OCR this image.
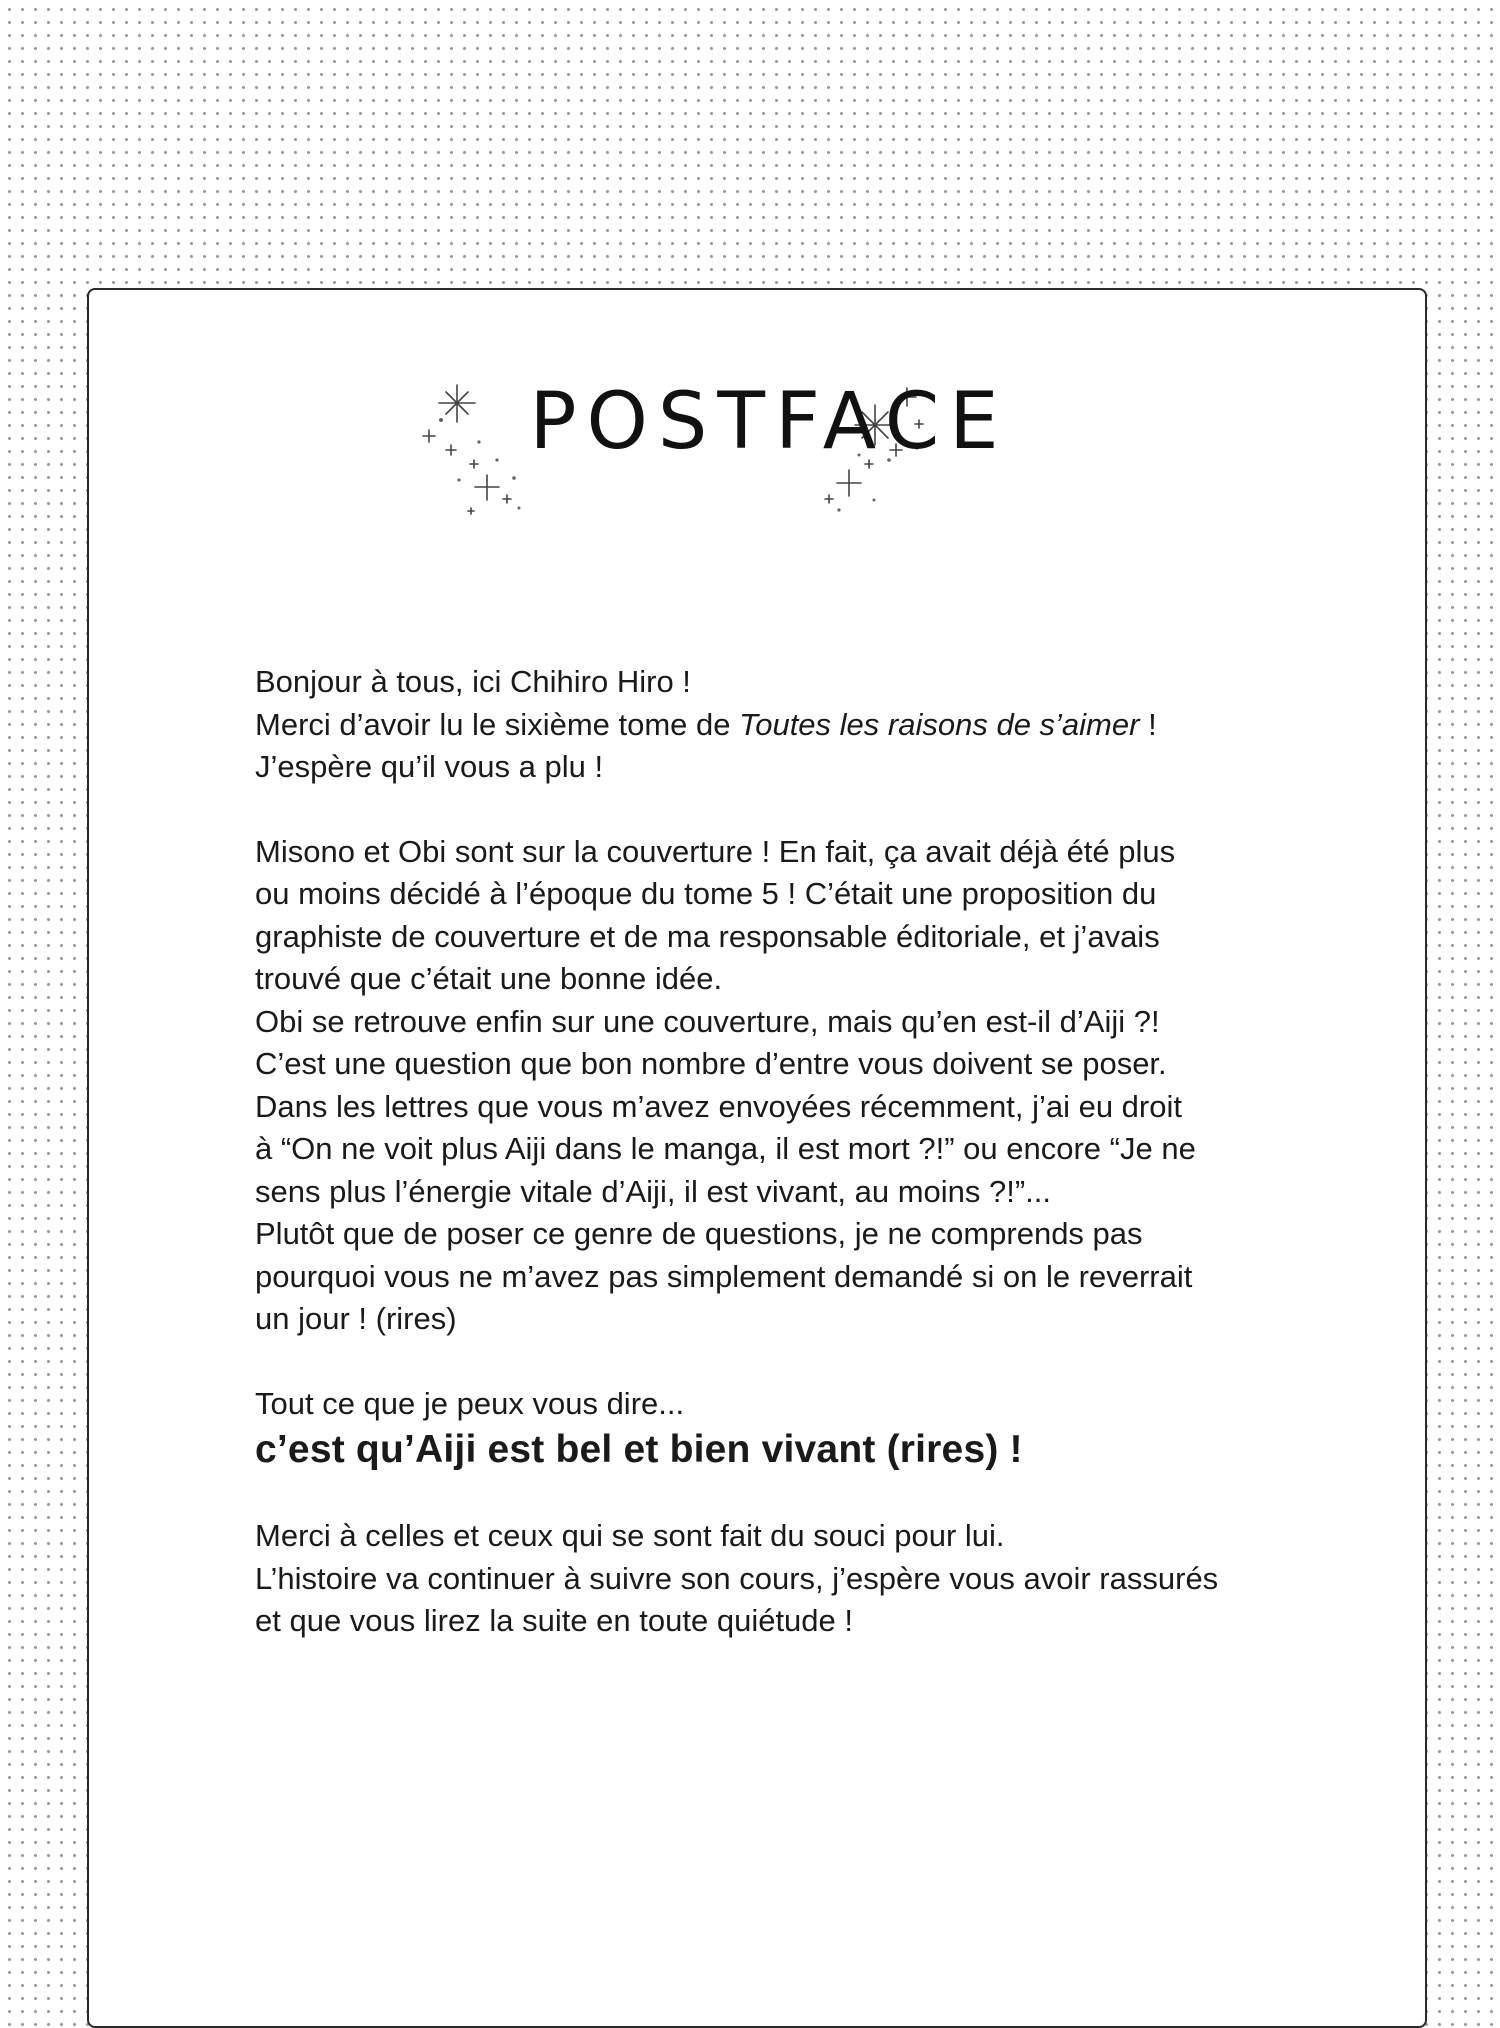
POSTFACE

Bonjour à tous, ici Chihiro Hiro !

Merci d’avoir lu le sixième tome de Toutes les raisons de s’aimer !

J’espère qu’il vous a plu !

Misono et Obi sont sur la couverture ! En fait, ça avait déjà été plus

ou moins décidé à l’époque du tome 5 ! C’était une proposition du

graphiste de couverture et de ma responsable éditoriale, et j’avais

trouvé que c’était une bonne idée.

Obi se retrouve enfin sur une couverture, mais qu’en est-il d’Aiji ?!

C’est une question que bon nombre d’entre vous doivent se poser.

Dans les lettres que vous m’avez envoyées récemment, j’ai eu droit

à “On ne voit plus Aiji dans le manga, il est mort ?!” ou encore “Je ne

sens plus l’énergie vitale d’Aiji, il est vivant, au moins ?!”...

Plutôt que de poser ce genre de questions, je ne comprends pas

pourquoi vous ne m’avez pas simplement demandé si on le reverrait

un jour ! (rires)

Tout ce que je peux vous dire...

c’est qu’Aiji est bel et bien vivant (rires) !

Merci à celles et ceux qui se sont fait du souci pour lui.

L’histoire va continuer à suivre son cours, j’espère vous avoir rassurés

et que vous lirez la suite en toute quiétude !
